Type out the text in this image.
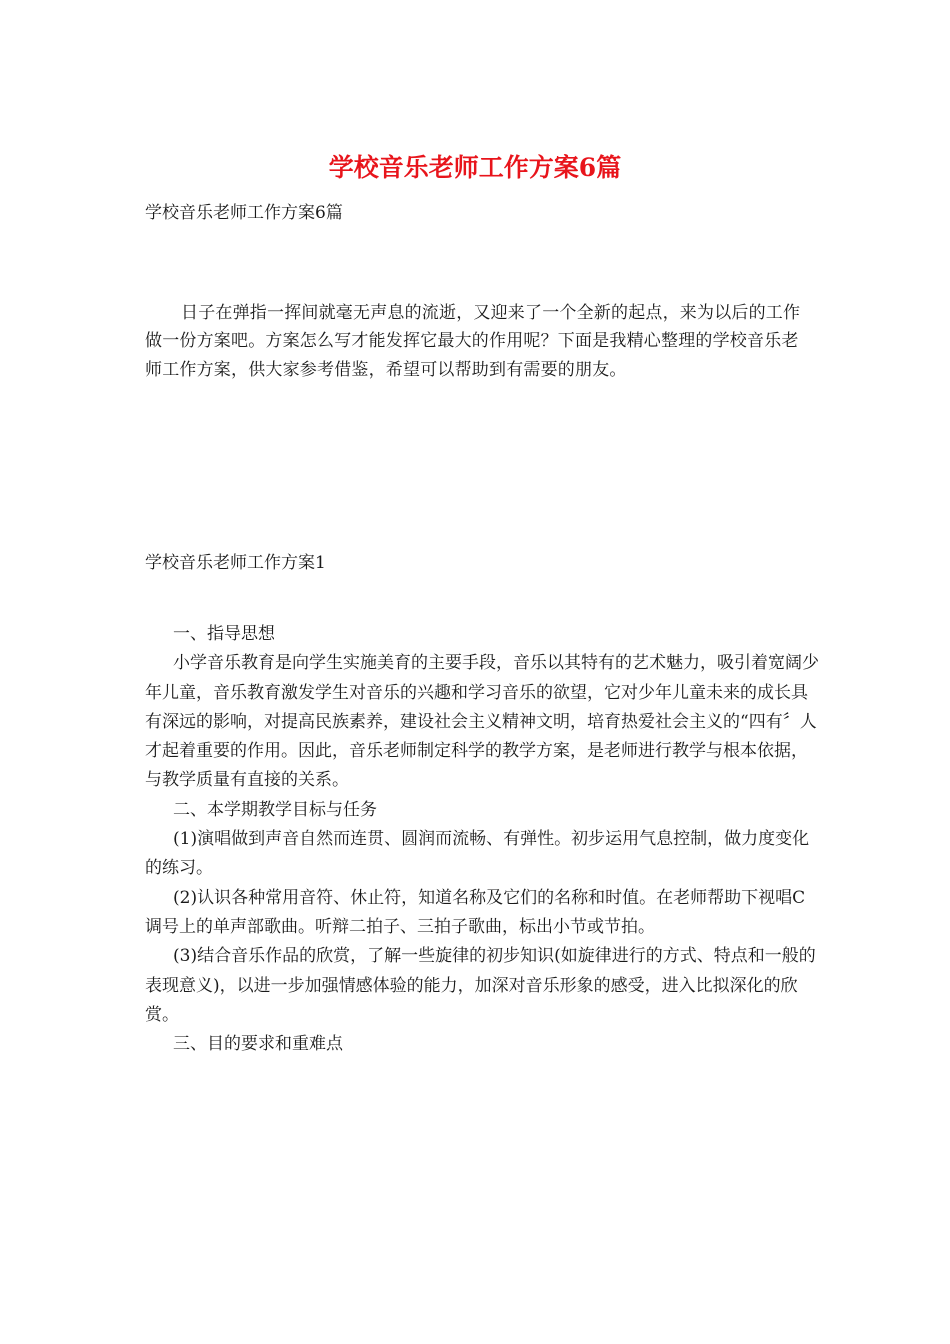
学校音乐老师工作方案6篇

学校音乐老师工作方案6篇

日子在弹指一挥间就毫无声息的流逝，又迎来了一个全新的起点，来为以后的工作做一份方案吧。方案怎么写才能发挥它最大的作用呢？下面是我精心整理的学校音乐老师工作方案，供大家参考借鉴，希望可以帮助到有需要的朋友。

学校音乐老师工作方案1

一、指导思想

小学音乐教育是向学生实施美育的主要手段，音乐以其特有的艺术魅力，吸引着宽阔少年儿童，音乐教育激发学生对音乐的兴趣和学习音乐的欲望，它对少年儿童未来的成长具有深远的影响，对提高民族素养，建设社会主义精神文明，培育热爱社会主义的“四有〞人才起着重要的作用。因此，音乐老师制定科学的教学方案，是老师进行教学与根本依据，与教学质量有直接的关系。

二、本学期教学目标与任务

(1)演唱做到声音自然而连贯、圆润而流畅、有弹性。初步运用气息控制，做力度变化的练习。

(2)认识各种常用音符、休止符，知道名称及它们的名称和时值。在老师帮助下视唱C调号上的单声部歌曲。听辩二拍子、三拍子歌曲，标出小节或节拍。

(3)结合音乐作品的欣赏，了解一些旋律的初步知识(如旋律进行的方式、特点和一般的表现意义)，以进一步加强情感体验的能力，加深对音乐形象的感受，进入比拟深化的欣赏。

三、目的要求和重难点
